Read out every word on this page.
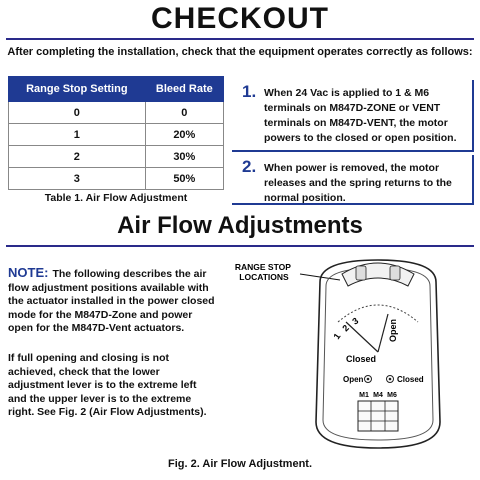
CHECKOUT
After completing the installation, check that the equipment operates correctly as follows:
Range Stop Setting	Bleed Rate
0	0
1	20%
2	30%
3	50%
Table 1. Air Flow Adjustment
1. When 24 Vac is applied to 1 & M6 terminals on M847D-ZONE or VENT terminals on M847D-VENT, the motor powers to the closed or open position.
2. When power is removed, the motor releases and the spring returns to the normal position.
Air Flow Adjustments
NOTE: The following describes the air flow adjustment positions available with the actuator installed in the power closed mode for the M847D-Zone and power open for the M847D-Vent actuators.
If full opening and closing is not achieved, check that the lower adjustment lever is to the extreme left and the upper lever is to the extreme right. See Fig. 2 (Air Flow Adjustments).
RANGE STOP LOCATIONS
1
2
3	Open
Closed
Open	Closed
M1 M4 M6
Fig. 2. Air Flow Adjustment.
